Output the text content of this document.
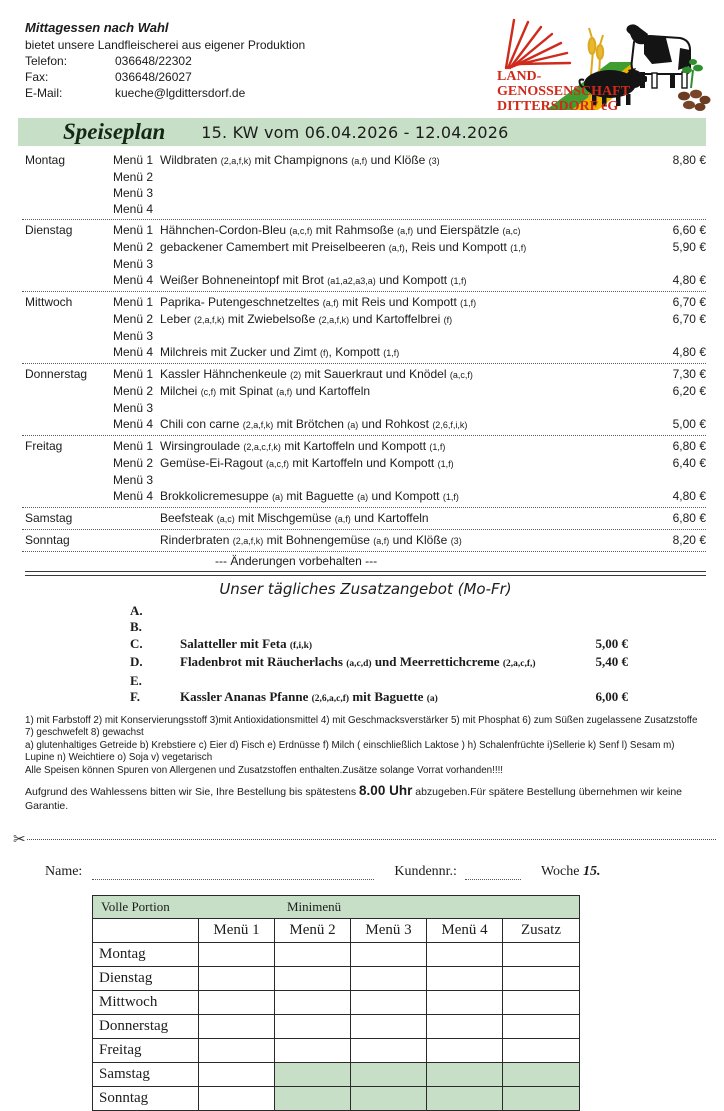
Mittagessen nach Wahl
bietet unsere Landfleischerei aus eigener Produktion
Telefon:	036648/22302
Fax:	036648/26027
E-Mail:	kueche@lgdittersdorf.de
LAND-
GENOSSENSCHAFT
DITTERSDORF eG
Speiseplan 15. KW vom 06.04.2026 - 12.04.2026
Montag	Menü 1 Wildbraten (2,a,f,k) mit Champignons (a,f) und Klöße (3)	8,80 €
Menü 2
Menü 3
Menü 4
Dienstag	Menü 1 Hähnchen-Cordon-Bleu (a,c,f) mit Rahmsoße (a,f) und Eierspätzle (a,c)	6,60 €
Menü 2 gebackener Camembert mit Preiselbeeren (a,f), Reis und Kompott (1,f)	5,90 €
Menü 3
Menü 4 Weißer Bohneneintopf mit Brot (a1,a2,a3,a) und Kompott (1,f)	4,80 €
Mittwoch	Menü 1 Paprika- Putengeschnetzeltes (a,f) mit Reis und Kompott (1,f)	6,70 €
Menü 2 Leber (2,a,f,k) mit Zwiebelsoße (2,a,f,k) und Kartoffelbrei (f)	6,70 €
Menü 3
Menü 4 Milchreis mit Zucker und Zimt (f), Kompott (1,f)	4,80 €
Donnerstag	Menü 1 Kassler Hähnchenkeule (2) mit Sauerkraut und Knödel (a,c,f)	7,30 €
Menü 2 Milchei (c,f) mit Spinat (a,f) und Kartoffeln	6,20 €
Menü 3
Menü 4 Chili con carne (2,a,f,k) mit Brötchen (a) und Rohkost (2,6,f,i,k)	5,00 €
Freitag	Menü 1 Wirsingroulade (2,a,c,f,k) mit Kartoffeln und Kompott (1,f)	6,80 €
Menü 2 Gemüse-Ei-Ragout (a,c,f) mit Kartoffeln und Kompott (1,f)	6,40 €
Menü 3
Menü 4 Brokkolicremesuppe (a) mit Baguette (a) und Kompott (1,f)	4,80 €
Samstag	Beefsteak (a,c) mit Mischgemüse (a,f) und Kartoffeln	6,80 €
Sonntag	Rinderbraten (2,a,f,k) mit Bohnengemüse (a,f) und Klöße (3)	8,20 €
--- Änderungen vorbehalten ---
Unser tägliches Zusatzangebot (Mo-Fr)
A.
B.
C.	Salatteller mit Feta (f,i,k)	5,00 €
D.	Fladenbrot mit Räucherlachs (a,c,d) und Meerrettichcreme (2,a,c,f,)	5,40 €
E.
F.	Kassler Ananas Pfanne (2,6,a,c,f) mit Baguette (a)	6,00 €
1) mit Farbstoff 2) mit Konservierungsstoff 3)mit Antioxidationsmittel 4) mit Geschmacksverstärker 5) mit Phosphat 6) zum Süßen zugelassene Zusatzstoffe 7) geschwefelt 8) gewachst
a) glutenhaltiges Getreide b) Krebstiere c) Eier d) Fisch e) Erdnüsse f) Milch ( einschließlich Laktose ) h) Schalenfrüchte i)Sellerie k) Senf l) Sesam m) Lupine n) Weichtiere o) Soja v) vegetarisch
Alle Speisen können Spuren von Allergenen und Zusatzstoffen enthalten.Zusätze solange Vorrat vorhanden!!!!
Aufgrund des Wahlessens bitten wir Sie, Ihre Bestellung bis spätestens 8.00 Uhr abzugeben.Für spätere Bestellung übernehmen wir keine Garantie.
✂
Name:	Kundennr.:	Woche 15.
Volle Portion	Minimenü
Menü 1	Menü 2	Menü 3	Menü 4	Zusatz
Montag
Dienstag
Mittwoch
Donnerstag
Freitag
Samstag
Sonntag
